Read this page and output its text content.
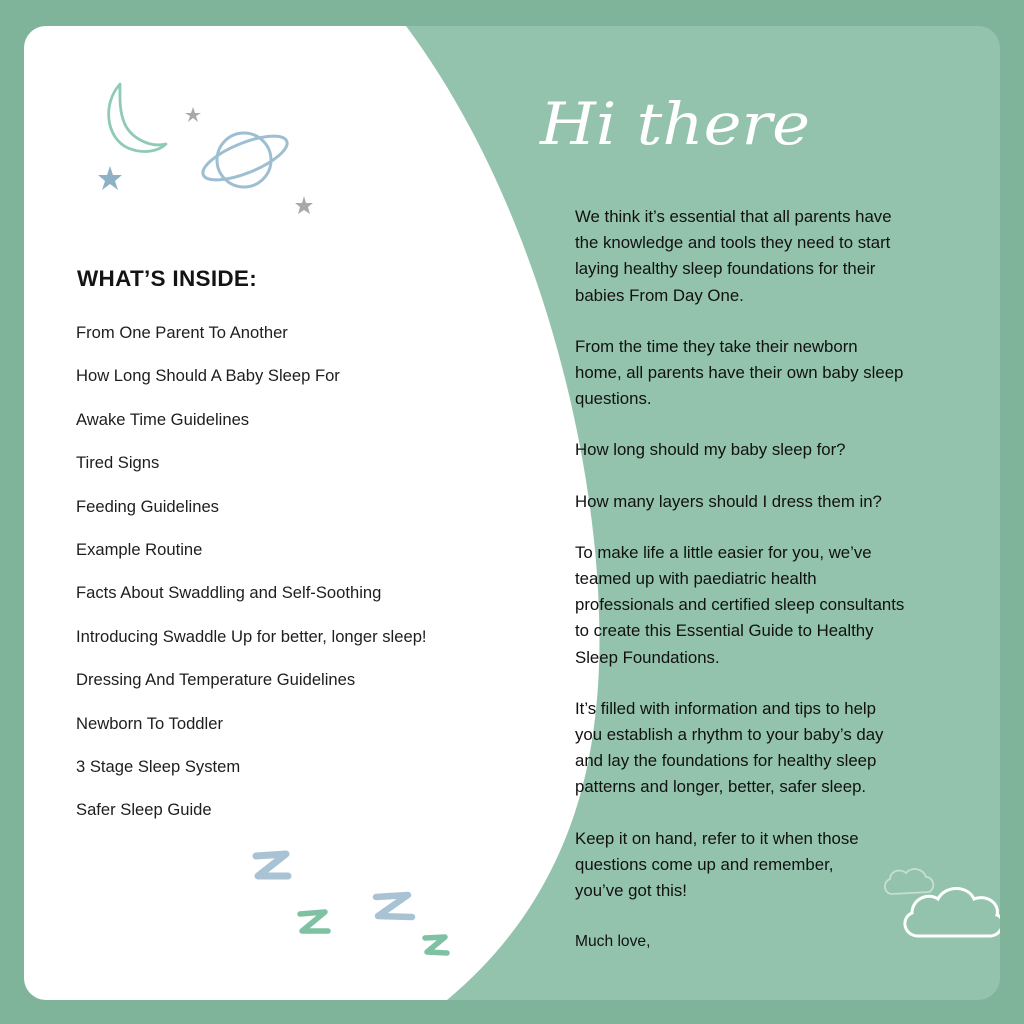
Hi there
WHAT’S INSIDE:
From One Parent To Another
How Long Should A Baby Sleep For
Awake Time Guidelines
Tired Signs
Feeding Guidelines
Example Routine
Facts About Swaddling and Self-Soothing
Introducing Swaddle Up for better, longer sleep!
Dressing And Temperature Guidelines
Newborn To Toddler
3 Stage Sleep System
Safer Sleep Guide

We think it’s essential that all parents have
the knowledge and tools they need to start
laying healthy sleep foundations for their
babies From Day One.

From the time they take their newborn
home, all parents have their own baby sleep
questions.

How long should my baby sleep for?

How many layers should I dress them in?

To make life a little easier for you, we’ve
teamed up with paediatric health
professionals and certified sleep consultants
to create this Essential Guide to Healthy
Sleep Foundations.

It’s filled with information and tips to help
you establish a rhythm to your baby’s day
and lay the foundations for healthy sleep
patterns and longer, better, safer sleep.

Keep it on hand, refer to it when those
questions come up and remember,
you’ve got this!

Much love,
